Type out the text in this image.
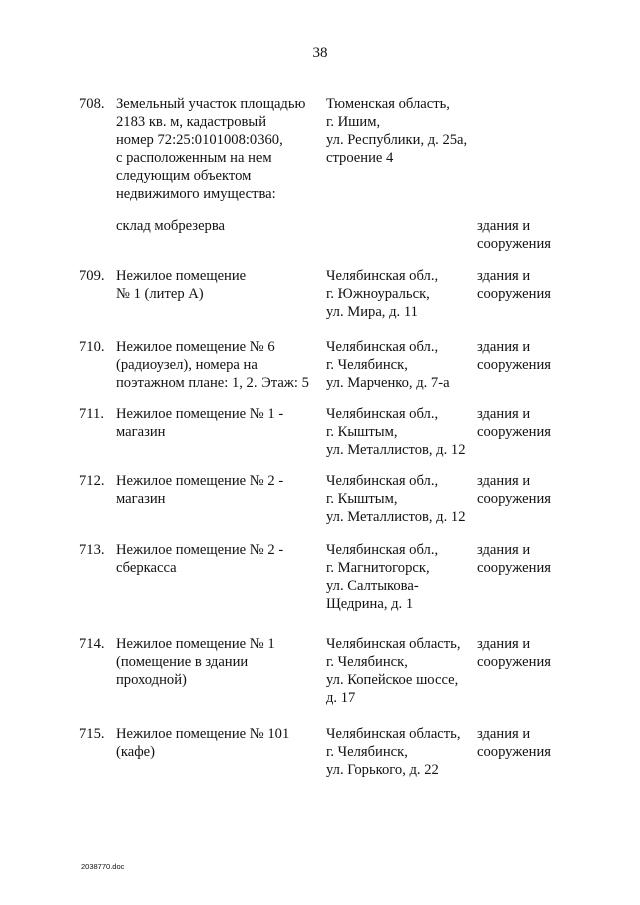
38
708. Земельный участок площадью
2183 кв. м, кадастровый
номер 72:25:0101008:0360,
с расположенным на нем
следующим объектом
недвижимого имущества:
Тюменская область,
г. Ишим,
ул. Республики, д. 25а,
строение 4
склад мобрезерва	здания и
сооружения
709. Нежилое помещение
№ 1 (литер А)
Челябинская обл.,
г. Южноуральск,
ул. Мира, д. 11
здания и
сооружения
710. Нежилое помещение № 6
(радиоузел), номера на
поэтажном плане: 1, 2. Этаж: 5
Челябинская обл.,
г. Челябинск,
ул. Марченко, д. 7-а
здания и
сооружения
711. Нежилое помещение № 1 -
магазин
Челябинская обл.,
г. Кыштым,
ул. Металлистов, д. 12
здания и
сооружения
712. Нежилое помещение № 2 -
магазин
Челябинская обл.,
г. Кыштым,
ул. Металлистов, д. 12
здания и
сооружения
713. Нежилое помещение № 2 -
сберкасса
Челябинская обл.,
г. Магнитогорск,
ул. Салтыкова-
Щедрина, д. 1
здания и
сооружения
714. Нежилое помещение № 1
(помещение в здании
проходной)
Челябинская область,
г. Челябинск,
ул. Копейское шоссе,
д. 17
здания и
сооружения
715. Нежилое помещение № 101
(кафе)
Челябинская область,
г. Челябинск,
ул. Горького, д. 22
здания и
сооружения
2038770.doc
